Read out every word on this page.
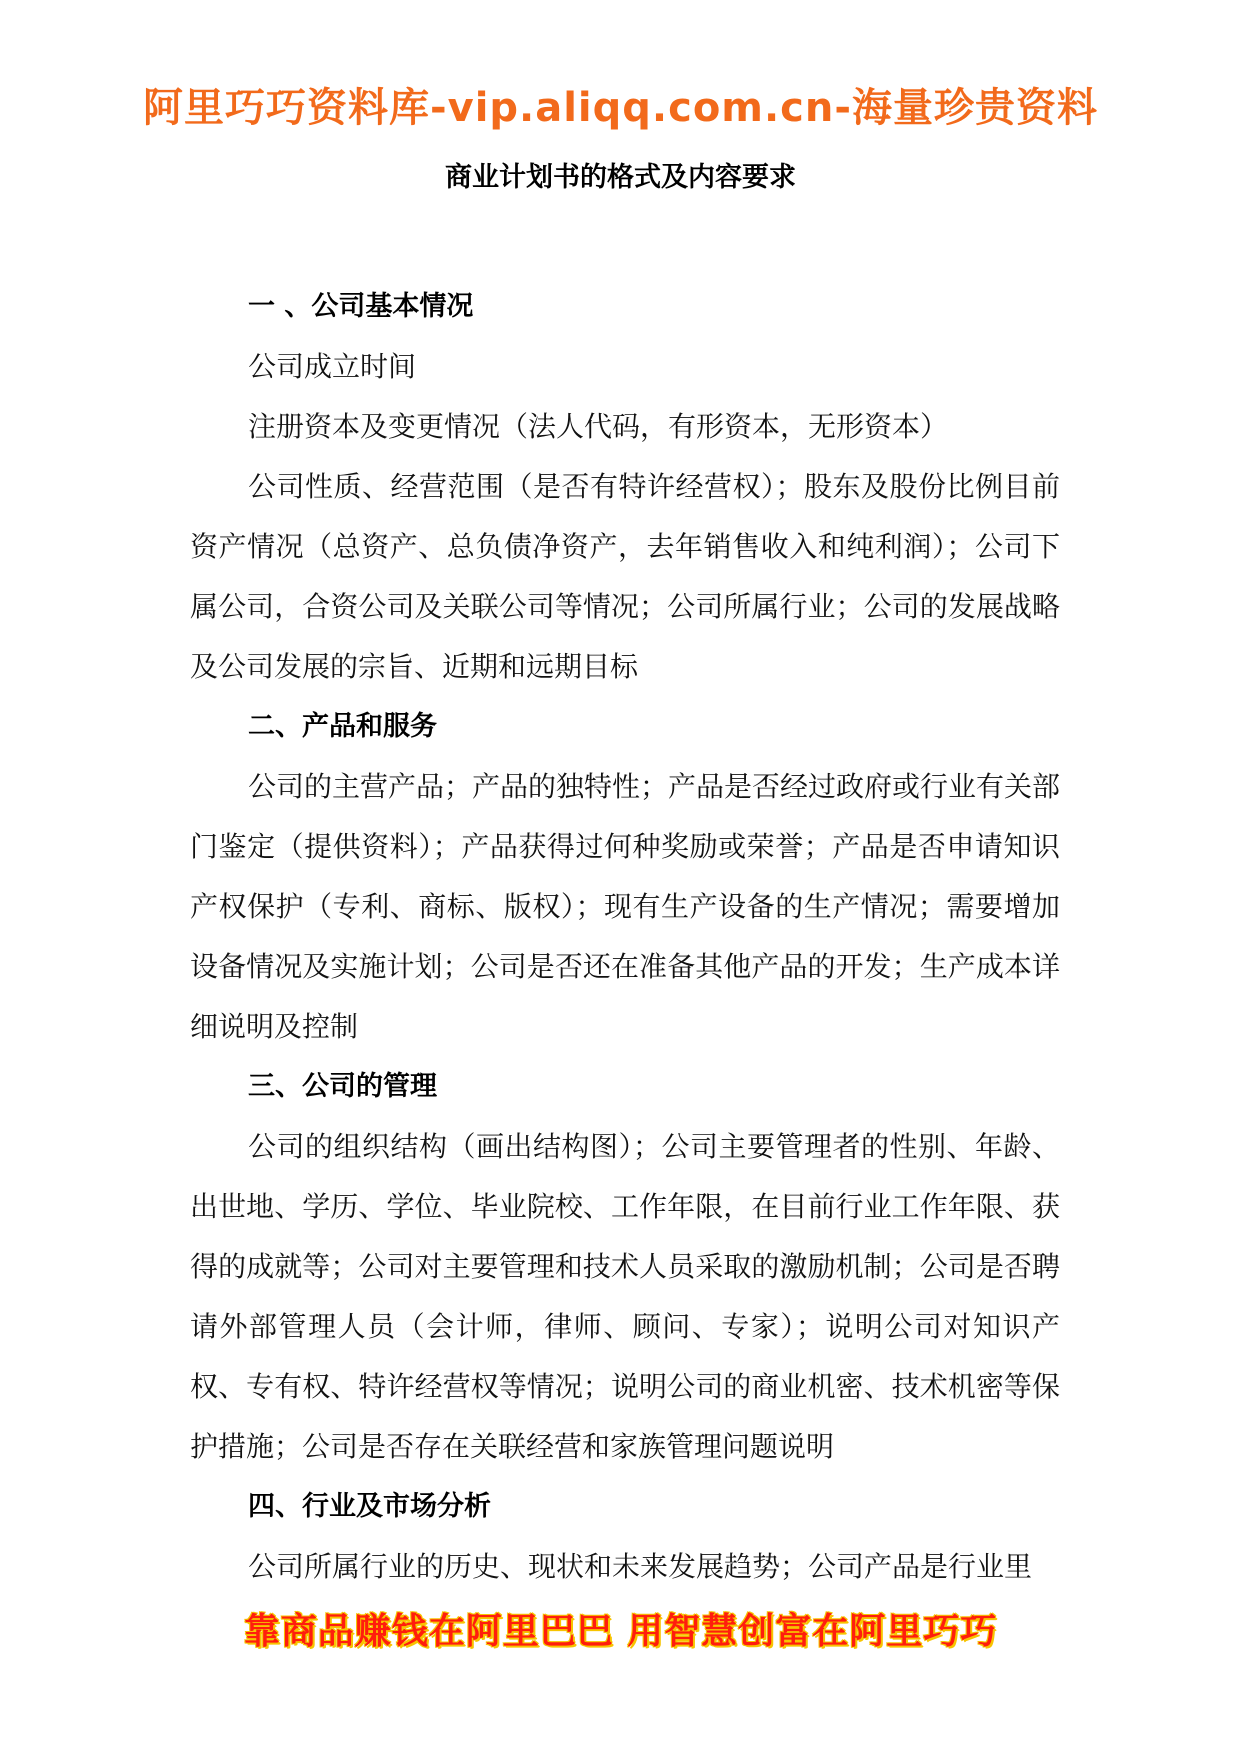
阿里巧巧资料库-vip.aliqq.com.cn-海量珍贵资料
商业计划书的格式及内容要求

一 、公司基本情况

公司成立时间

注册资本及变更情况（法人代码，有形资本，无形资本）

公司性质、经营范围（是否有特许经营权）；股东及股份比例目前资产情况（总资产、总负债净资产，去年销售收入和纯利润）；公司下属公司，合资公司及关联公司等情况；公司所属行业；公司的发展战略及公司发展的宗旨、近期和远期目标

二、产品和服务

公司的主营产品；产品的独特性；产品是否经过政府或行业有关部门鉴定（提供资料）；产品获得过何种奖励或荣誉；产品是否申请知识产权保护（专利、商标、版权）；现有生产设备的生产情况；需要增加设备情况及实施计划；公司是否还在准备其他产品的开发；生产成本详细说明及控制

三、公司的管理

公司的组织结构（画出结构图）；公司主要管理者的性别、年龄、出世地、学历、学位、毕业院校、工作年限，在目前行业工作年限、获得的成就等；公司对主要管理和技术人员采取的激励机制；公司是否聘请外部管理人员（会计师，律师、顾问、专家）；说明公司对知识产权、专有权、特许经营权等情况；说明公司的商业机密、技术机密等保护措施；公司是否存在关联经营和家族管理问题说明

四、行业及市场分析

公司所属行业的历史、现状和未来发展趋势；公司产品是行业里

靠商品赚钱在阿里巴巴 用智慧创富在阿里巧巧
